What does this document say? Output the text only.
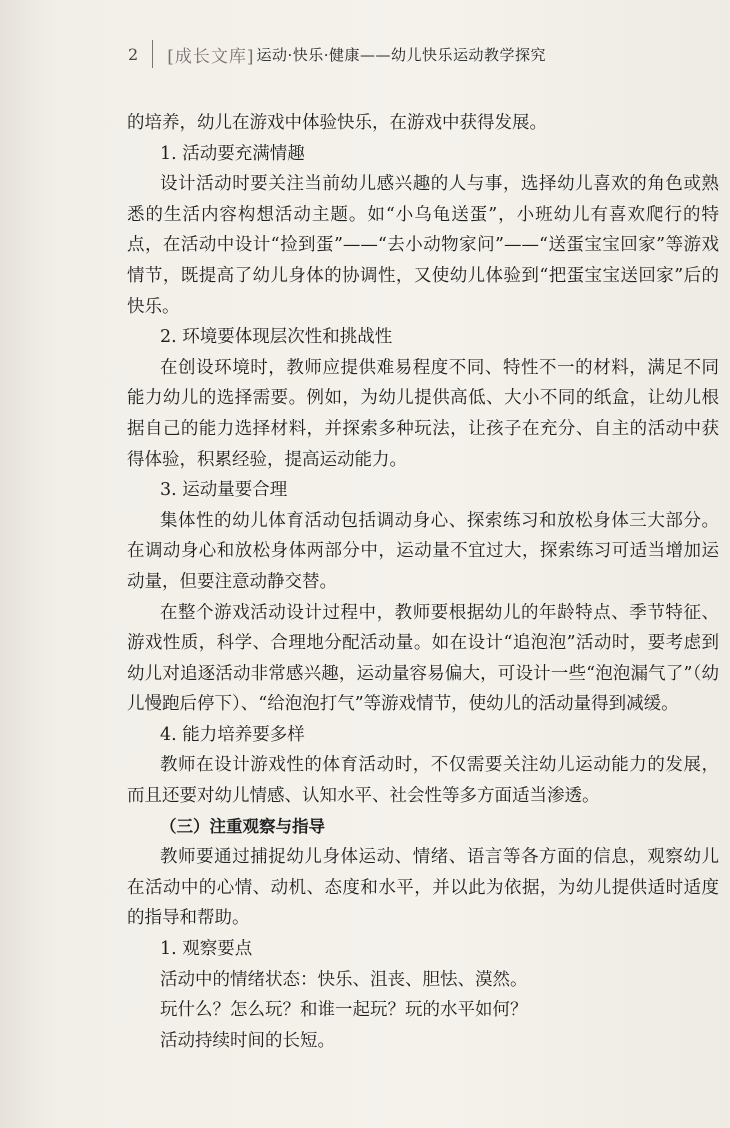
2 [成长文库] 运动·快乐·健康——幼儿快乐运动教学探究

的培养，幼儿在游戏中体验快乐，在游戏中获得发展。

1. 活动要充满情趣

设计活动时要关注当前幼儿感兴趣的人与事，选择幼儿喜欢的角色或熟悉的生活内容构想活动主题。如“小乌龟送蛋”，小班幼儿有喜欢爬行的特点，在活动中设计“捡到蛋”——“去小动物家问”——“送蛋宝宝回家”等游戏情节，既提高了幼儿身体的协调性，又使幼儿体验到“把蛋宝宝送回家”后的快乐。

2. 环境要体现层次性和挑战性

在创设环境时，教师应提供难易程度不同、特性不一的材料，满足不同能力幼儿的选择需要。例如，为幼儿提供高低、大小不同的纸盒，让幼儿根据自己的能力选择材料，并探索多种玩法，让孩子在充分、自主的活动中获得体验，积累经验，提高运动能力。

3. 运动量要合理

集体性的幼儿体育活动包括调动身心、探索练习和放松身体三大部分。在调动身心和放松身体两部分中，运动量不宜过大，探索练习可适当增加运动量，但要注意动静交替。

在整个游戏活动设计过程中，教师要根据幼儿的年龄特点、季节特征、游戏性质，科学、合理地分配活动量。如在设计“追泡泡”活动时，要考虑到幼儿对追逐活动非常感兴趣，运动量容易偏大，可设计一些“泡泡漏气了”（幼儿慢跑后停下）、“给泡泡打气”等游戏情节，使幼儿的活动量得到减缓。

4. 能力培养要多样

教师在设计游戏性的体育活动时，不仅需要关注幼儿运动能力的发展，而且还要对幼儿情感、认知水平、社会性等多方面适当渗透。

（三）注重观察与指导

教师要通过捕捉幼儿身体运动、情绪、语言等各方面的信息，观察幼儿在活动中的心情、动机、态度和水平，并以此为依据，为幼儿提供适时适度的指导和帮助。

1. 观察要点

活动中的情绪状态：快乐、沮丧、胆怯、漠然。

玩什么？怎么玩？和谁一起玩？玩的水平如何？

活动持续时间的长短。
